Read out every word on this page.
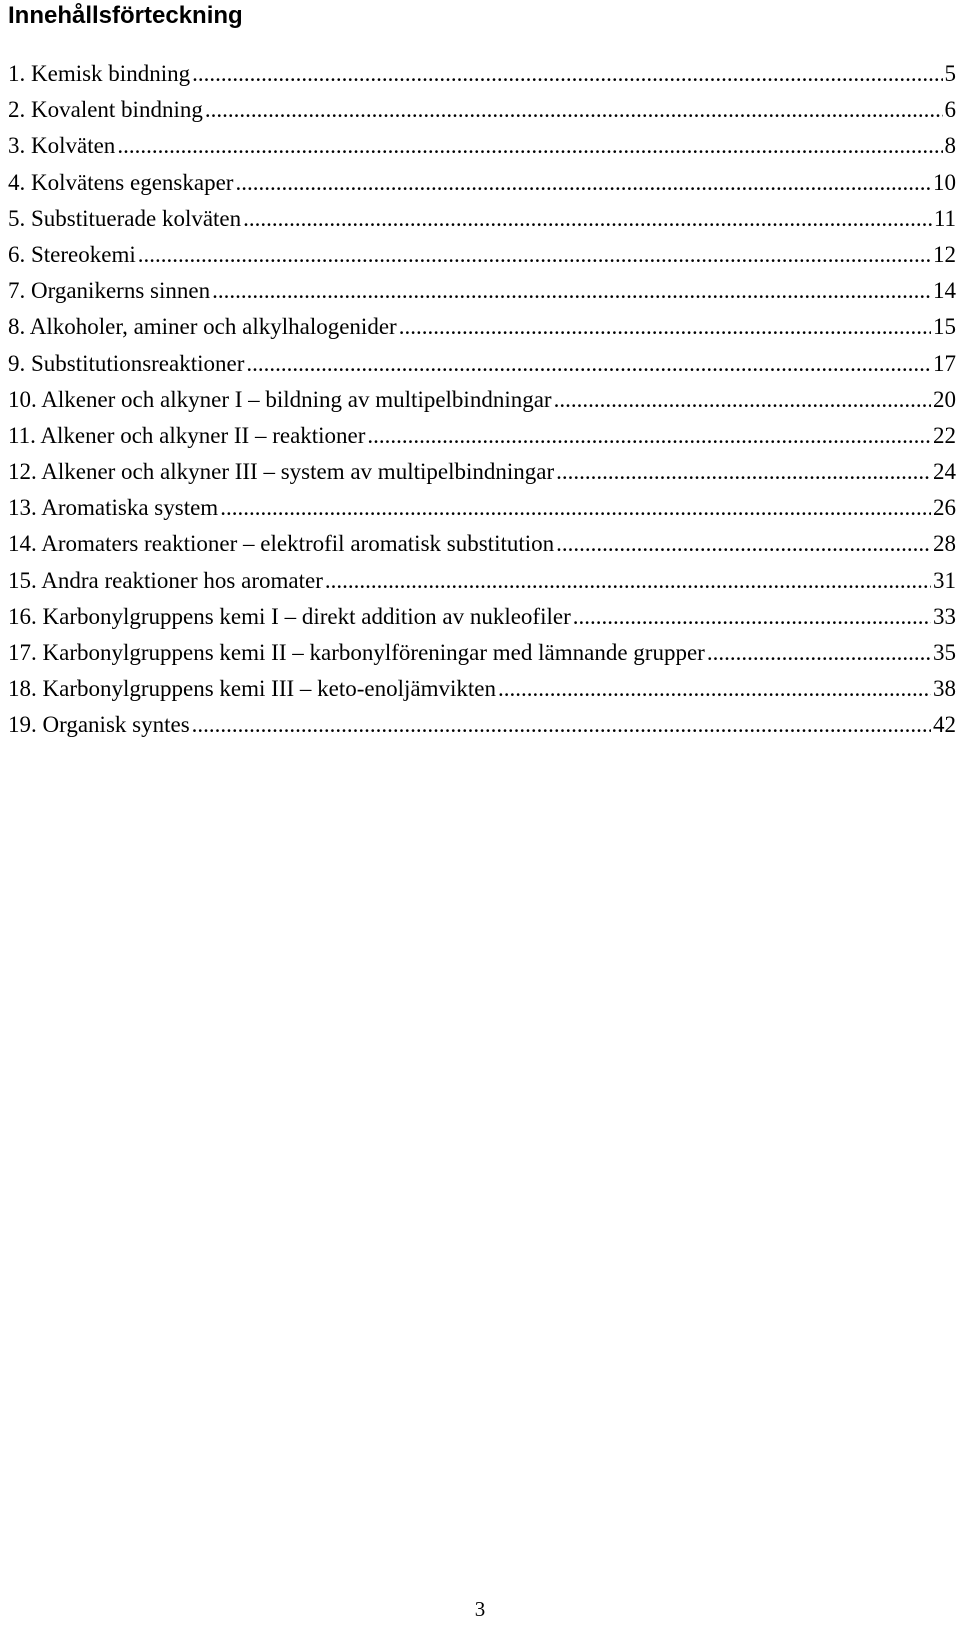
Innehållsförteckning
1. Kemisk bindning .....	5
2. Kovalent bindning .....	6
3. Kolväten .....	8
4. Kolvätens egenskaper .....	10
5. Substituerade kolväten .....	11
6. Stereokemi .....	12
7. Organikerns sinnen .....	14
8. Alkoholer, aminer och alkylhalogenider .....	15
9. Substitutionsreaktioner .....	17
10. Alkener och alkyner I – bildning av multipelbindningar .....	20
11. Alkener och alkyner II – reaktioner .....	22
12. Alkener och alkyner III – system av multipelbindningar .....	24
13. Aromatiska system .....	26
14. Aromaters reaktioner – elektrofil aromatisk substitution .....	28
15. Andra reaktioner hos aromater .....	31
16. Karbonylgruppens kemi I – direkt addition av nukleofiler .....	33
17. Karbonylgruppens kemi II – karbonylföreningar med lämnande grupper .....	35
18. Karbonylgruppens kemi III – keto-enoljämvikten .....	38
19. Organisk syntes .....	42
3
